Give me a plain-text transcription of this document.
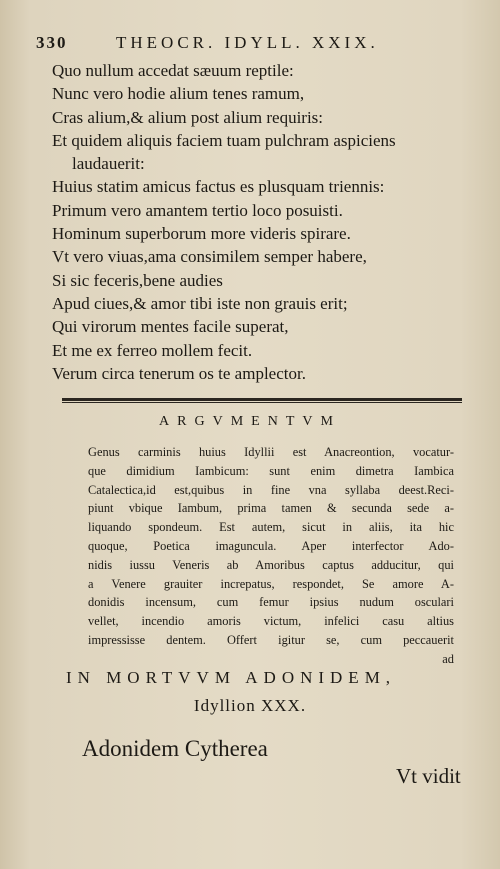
330	THEOCR. IDYLL. XXIX.
Quo nullum accedat sæuum reptile:
Nunc vero hodie alium tenes ramum,
Cras alium,& alium post alium requiris:
Et quidem aliquis faciem tuam pulchram aspiciens
laudauerit:
Huius statim amicus factus es plusquam triennis:
Primum vero amantem tertio loco posuisti.
Hominum superborum more videris spirare.
Vt vero viuas,ama consimilem semper habere,
Si sic feceris,bene audies
Apud ciues,& amor tibi iste non grauis erit;
Qui virorum mentes facile superat,
Et me ex ferreo mollem fecit.
Verum circa tenerum os te amplector.
ARGVMENTVM
Genus carminis huius Idyllii est Anacreontion, vocatur-
que dimidium Iambicum: sunt enim dimetra Iambica
Catalectica,id est,quibus in fine vna syllaba deest.Reci-
piunt vbique Iambum, prima tamen & secunda sede a-
liquando spondeum. Est autem, sicut in aliis, ita hic
quoque, Poetica imaguncula. Aper interfector Ado-
nidis iussu Veneris ab Amoribus captus adducitur, qui
a Venere grauiter increpatus, respondet, Se amore A-
donidis incensum, cum femur ipsius nudum osculari
vellet, incendio amoris victum, infelici casu altius
impressisse dentem. Offert igitur se, cum peccauerit
ad
IN MORTVVM ADONIDEM,
Idyllion XXX.
Adonidem Cytherea
Vt vidit
